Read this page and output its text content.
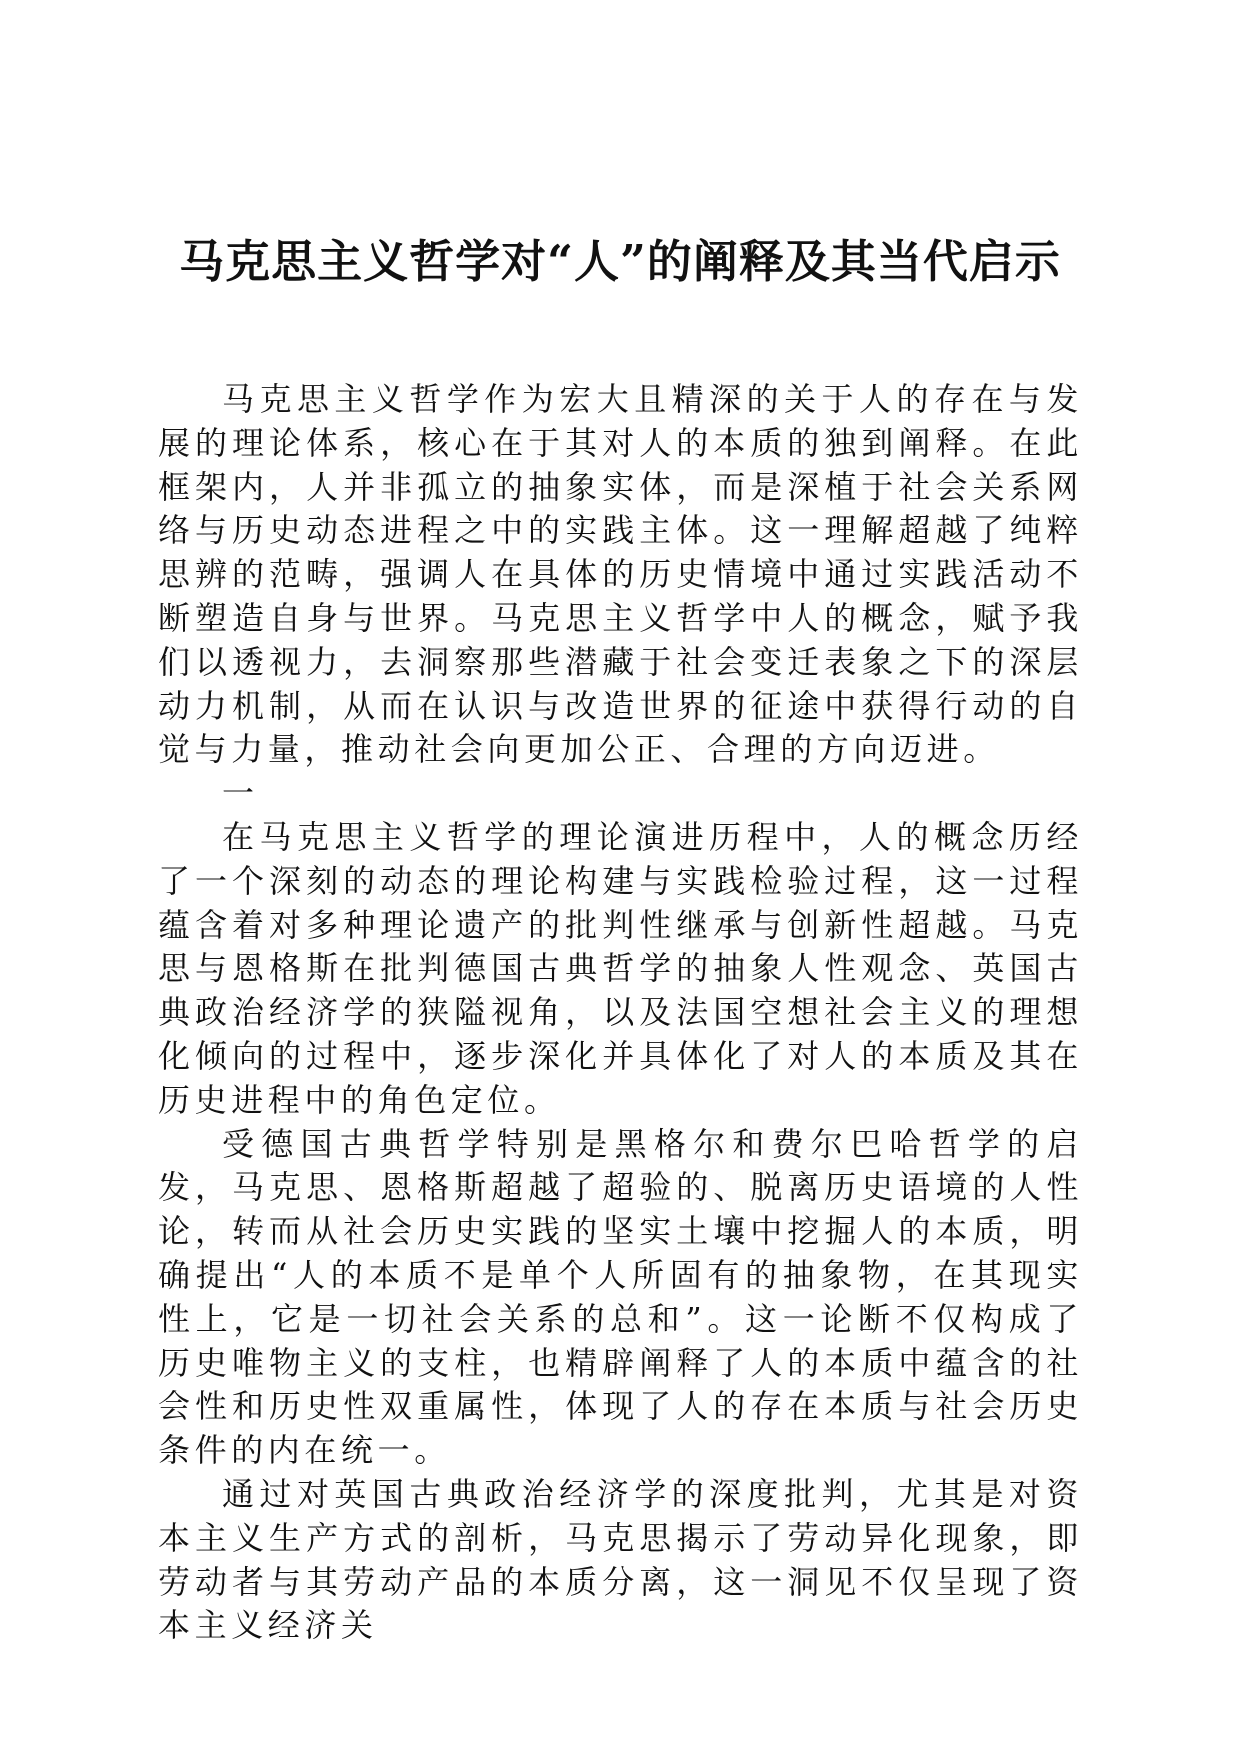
马克思主义哲学对“人”的阐释及其当代启示

马克思主义哲学作为宏大且精深的关于人的存在与发展的理论体系，核心在于其对人的本质的独到阐释。在此框架内，人并非孤立的抽象实体，而是深植于社会关系网络与历史动态进程之中的实践主体。这一理解超越了纯粹思辨的范畴，强调人在具体的历史情境中通过实践活动不断塑造自身与世界。马克思主义哲学中人的概念，赋予我们以透视力，去洞察那些潜藏于社会变迁表象之下的深层动力机制，从而在认识与改造世界的征途中获得行动的自觉与力量，推动社会向更加公正、合理的方向迈进。

一

在马克思主义哲学的理论演进历程中，人的概念历经了一个深刻的动态的理论构建与实践检验过程，这一过程蕴含着对多种理论遗产的批判性继承与创新性超越。马克思与恩格斯在批判德国古典哲学的抽象人性观念、英国古典政治经济学的狭隘视角，以及法国空想社会主义的理想化倾向的过程中，逐步深化并具体化了对人的本质及其在历史进程中的角色定位。

受德国古典哲学特别是黑格尔和费尔巴哈哲学的启发，马克思、恩格斯超越了超验的、脱离历史语境的人性论，转而从社会历史实践的坚实土壤中挖掘人的本质，明确提出“人的本质不是单个人所固有的抽象物，在其现实性上，它是一切社会关系的总和”。这一论断不仅构成了历史唯物主义的支柱，也精辟阐释了人的本质中蕴含的社会性和历史性双重属性，体现了人的存在本质与社会历史条件的内在统一。

通过对英国古典政治经济学的深度批判，尤其是对资本主义生产方式的剖析，马克思揭示了劳动异化现象，即劳动者与其劳动产品的本质分离，这一洞见不仅呈现了资本主义经济关
